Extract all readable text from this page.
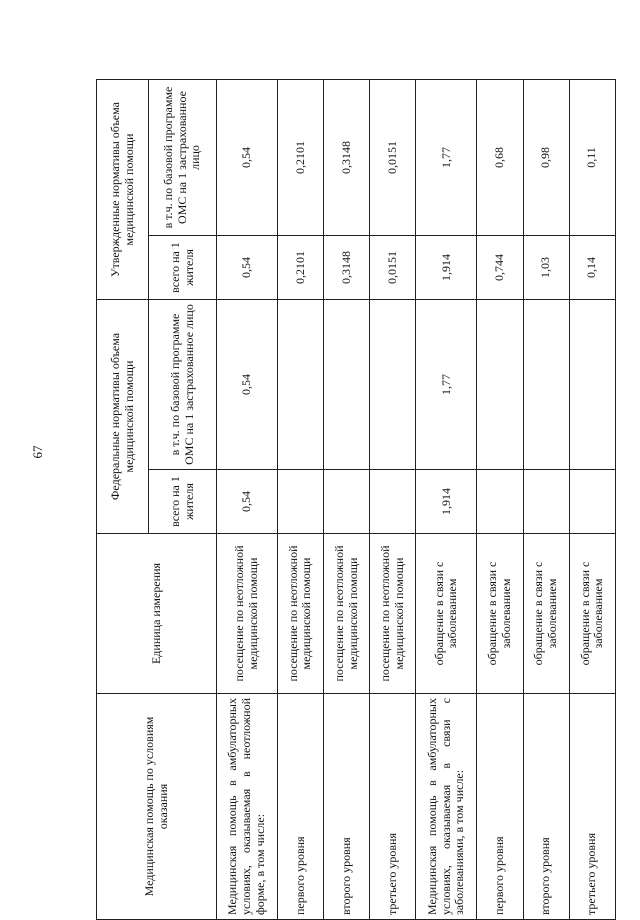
67
Медицинская помощь по условиям оказания	Единица измерения	Федеральные нормативы объема медицинской помощи		Утвержденные нормативы объема медицинской помощи	
		всего на 1 жителя	в т.ч. по базовой программе ОМС на 1 застрахованное лицо	всего на 1 жителя	в т.ч. по базовой программе ОМС на 1 застрахованное лицо
Медицинская помощь в амбулаторных условиях, оказываемая в неотложной форме, в том числе:	посещение по неотложной медицинской помощи	0,54	0,54	0,54	0,54
первого уровня	посещение по неотложной медицинской помощи			0,2101	0,2101
второго уровня	посещение по неотложной медицинской помощи			0,3148	0,3148
третьего уровня	посещение по неотложной медицинской помощи			0,0151	0,0151
Медицинская помощь в амбулаторных условиях, оказываемая в связи с заболеваниями, в том числе:	обращение в связи с заболеванием	1,914	1,77	1,914	1,77
первого уровня	обращение в связи с заболеванием			0,744	0,68
второго уровня	обращение в связи с заболеванием			1,03	0,98
третьего уровня	обращение в связи с заболеванием			0,14	0,11
